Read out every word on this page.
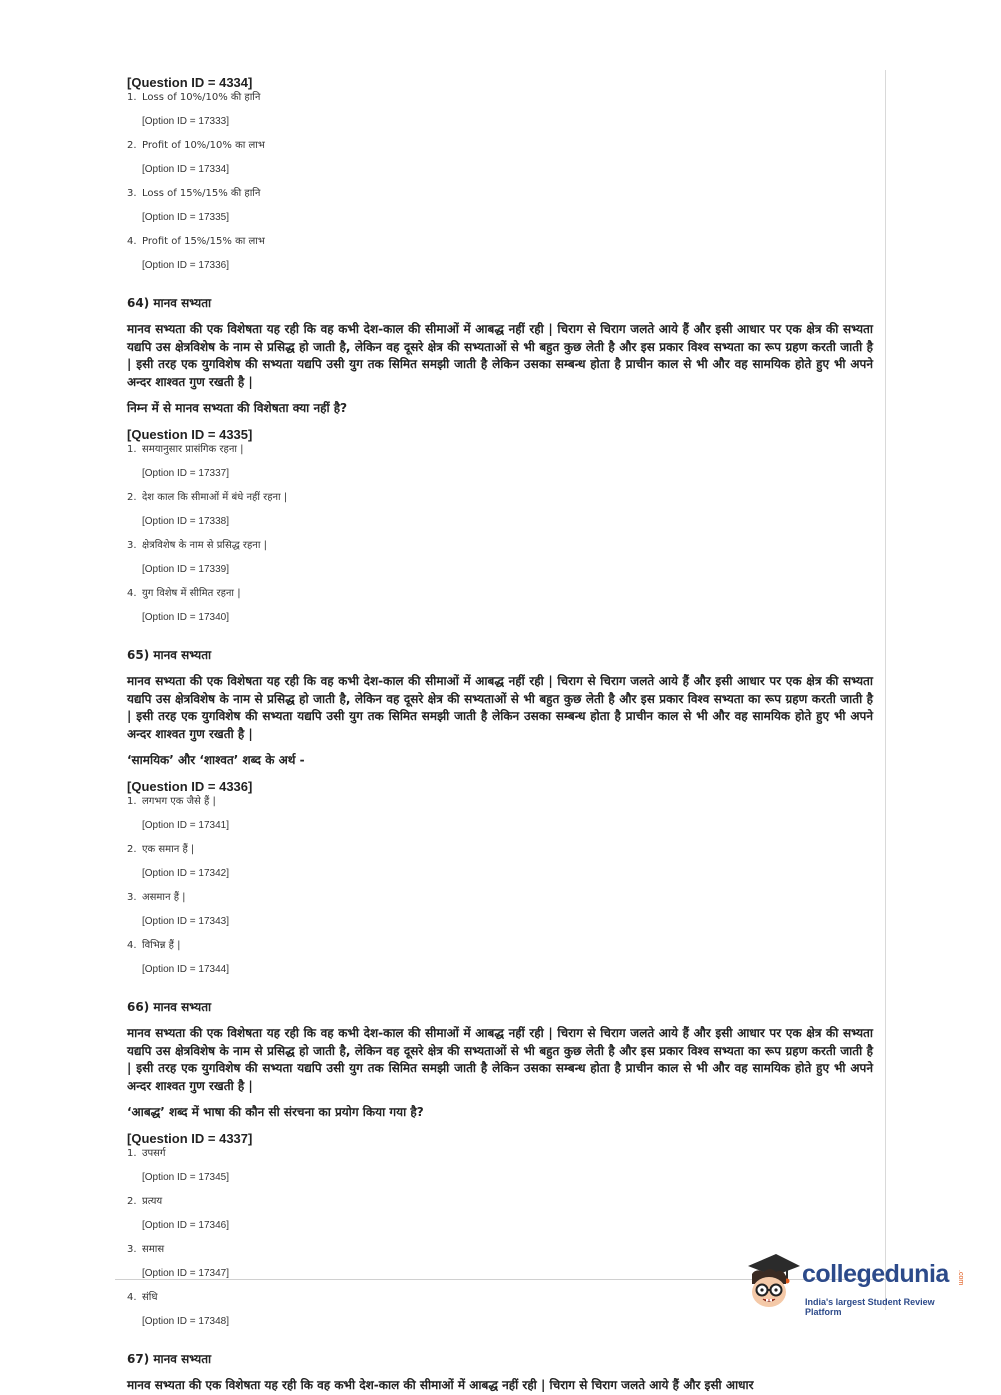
[Question ID = 4334]

1. Loss of 10%/10% की हानि
[Option ID = 17333]
2. Profit of 10%/10% का लाभ
[Option ID = 17334]
3. Loss of 15%/15% की हानि
[Option ID = 17335]
4. Profit of 15%/15% का लाभ
[Option ID = 17336]
64) मानव सभ्यता

मानव सभ्यता की एक विशेषता यह रही कि वह कभी देश-काल की सीमाओं में आबद्ध नहीं रही | चिराग से चिराग जलते आये हैं और इसी आधार पर एक क्षेत्र की सभ्यता यद्यपि उस क्षेत्रविशेष के नाम से प्रसिद्ध हो जाती है, लेकिन वह दूसरे क्षेत्र की सभ्यताओं से भी बहुत कुछ लेती है और इस प्रकार विश्व सभ्यता का रूप ग्रहण करती जाती है | इसी तरह एक युगविशेष की सभ्यता यद्यपि उसी युग तक सिमित समझी जाती है लेकिन उसका सम्बन्ध होता है प्राचीन काल से भी और वह सामयिक होते हुए भी अपने अन्दर शाश्वत गुण रखती है |

निम्न में से मानव सभ्यता की विशेषता क्या नहीं है?

[Question ID = 4335]

1. समयानुसार प्रासंगिक रहना |
[Option ID = 17337]
2. देश काल कि सीमाओं में बंधे नहीं रहना |
[Option ID = 17338]
3. क्षेत्रविशेष के नाम से प्रसिद्ध रहना |
[Option ID = 17339]
4. युग विशेष में सीमित रहना |
[Option ID = 17340]
65) मानव सभ्यता

मानव सभ्यता की एक विशेषता यह रही कि वह कभी देश-काल की सीमाओं में आबद्ध नहीं रही | चिराग से चिराग जलते आये हैं और इसी आधार पर एक क्षेत्र की सभ्यता यद्यपि उस क्षेत्रविशेष के नाम से प्रसिद्ध हो जाती है, लेकिन वह दूसरे क्षेत्र की सभ्यताओं से भी बहुत कुछ लेती है और इस प्रकार विश्व सभ्यता का रूप ग्रहण करती जाती है | इसी तरह एक युगविशेष की सभ्यता यद्यपि उसी युग तक सिमित समझी जाती है लेकिन उसका सम्बन्ध होता है प्राचीन काल से भी और वह सामयिक होते हुए भी अपने अन्दर शाश्वत गुण रखती है |

‘सामयिक’ और ‘शाश्वत’ शब्द के अर्थ -

[Question ID = 4336]

1. लगभग एक जैसे हैं |
[Option ID = 17341]
2. एक समान हैं |
[Option ID = 17342]
3. असमान हैं |
[Option ID = 17343]
4. विभिन्न हैं |
[Option ID = 17344]
66) मानव सभ्यता

मानव सभ्यता की एक विशेषता यह रही कि वह कभी देश-काल की सीमाओं में आबद्ध नहीं रही | चिराग से चिराग जलते आये हैं और इसी आधार पर एक क्षेत्र की सभ्यता यद्यपि उस क्षेत्रविशेष के नाम से प्रसिद्ध हो जाती है, लेकिन वह दूसरे क्षेत्र की सभ्यताओं से भी बहुत कुछ लेती है और इस प्रकार विश्व सभ्यता का रूप ग्रहण करती जाती है | इसी तरह एक युगविशेष की सभ्यता यद्यपि उसी युग तक सिमित समझी जाती है लेकिन उसका सम्बन्ध होता है प्राचीन काल से भी और वह सामयिक होते हुए भी अपने अन्दर शाश्वत गुण रखती है |

‘आबद्ध’ शब्द में भाषा की कौन सी संरचना का प्रयोग किया गया है?

[Question ID = 4337]

1. उपसर्ग
[Option ID = 17345]
2. प्रत्यय
[Option ID = 17346]
3. समास
[Option ID = 17347]
4. संधि
[Option ID = 17348]
67) मानव सभ्यता

मानव सभ्यता की एक विशेषता यह रही कि वह कभी देश-काल की सीमाओं में आबद्ध नहीं रही | चिराग से चिराग जलते आये हैं और इसी आधार

collegedunia .com
India's largest Student Review Platform
